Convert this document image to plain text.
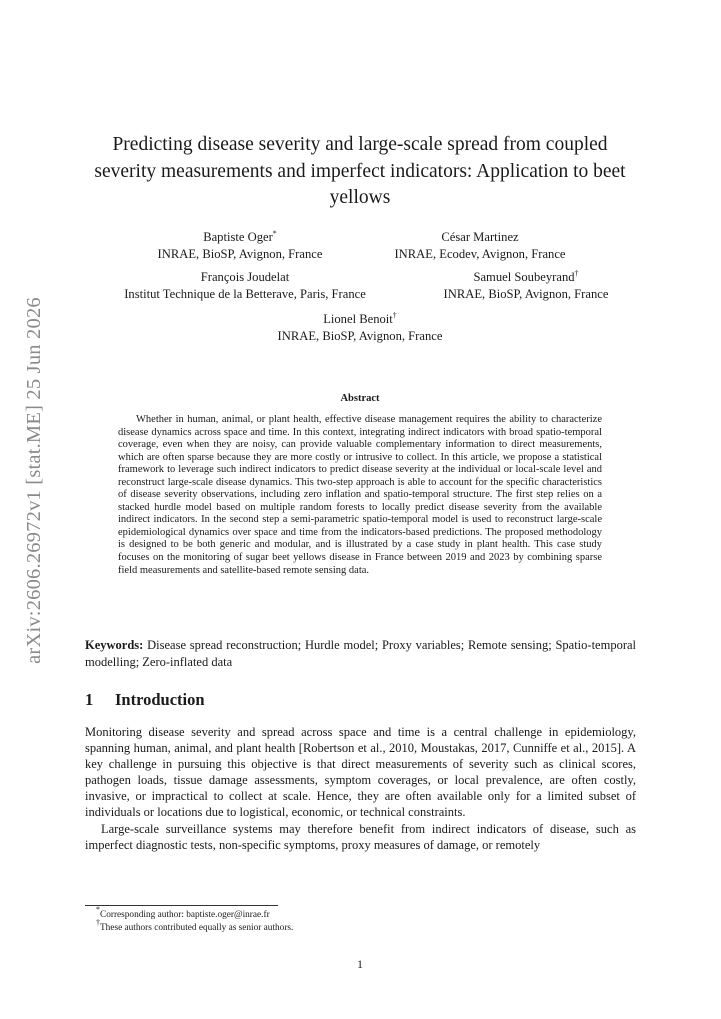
arXiv:2606.26972v1 [stat.ME] 25 Jun 2026
Predicting disease severity and large-scale spread from coupled severity measurements and imperfect indicators: Application to beet yellows
Baptiste Oger*
INRAE, BioSP, Avignon, France
César Martinez
INRAE, Ecodev, Avignon, France
François Joudelat
Institut Technique de la Betterave, Paris, France
Samuel Soubeyrand†
INRAE, BioSP, Avignon, France
Lionel Benoit†
INRAE, BioSP, Avignon, France
Abstract

Whether in human, animal, or plant health, effective disease management requires the ability to characterize disease dynamics across space and time. In this context, integrating indirect indicators with broad spatio-temporal coverage, even when they are noisy, can provide valuable complementary information to direct measurements, which are often sparse because they are more costly or intrusive to collect. In this article, we propose a statistical framework to leverage such indirect indicators to predict disease severity at the individual or local-scale level and reconstruct large-scale disease dynamics. This two-step approach is able to account for the specific characteristics of disease severity observations, including zero inflation and spatio-temporal structure. The first step relies on a stacked hurdle model based on multiple random forests to locally predict disease severity from the available indirect indicators. In the second step a semi-parametric spatio-temporal model is used to reconstruct large-scale epidemiological dynamics over space and time from the indicators-based predictions. The proposed methodology is designed to be both generic and modular, and is illustrated by a case study in plant health. This case study focuses on the monitoring of sugar beet yellows disease in France between 2019 and 2023 by combining sparse field measurements and satellite-based remote sensing data.

Keywords: Disease spread reconstruction; Hurdle model; Proxy variables; Remote sensing; Spatio-temporal modelling; Zero-inflated data

1 Introduction

Monitoring disease severity and spread across space and time is a central challenge in epidemiology, spanning human, animal, and plant health [Robertson et al., 2010, Moustakas, 2017, Cunniffe et al., 2015]. A key challenge in pursuing this objective is that direct measurements of severity such as clinical scores, pathogen loads, tissue damage assessments, symptom coverages, or local prevalence, are often costly, invasive, or impractical to collect at scale. Hence, they are often available only for a limited subset of individuals or locations due to logistical, economic, or technical constraints.

Large-scale surveillance systems may therefore benefit from indirect indicators of disease, such as imperfect diagnostic tests, non-specific symptoms, proxy measures of damage, or remotely

*Corresponding author: baptiste.oger@inrae.fr
†These authors contributed equally as senior authors.
1
